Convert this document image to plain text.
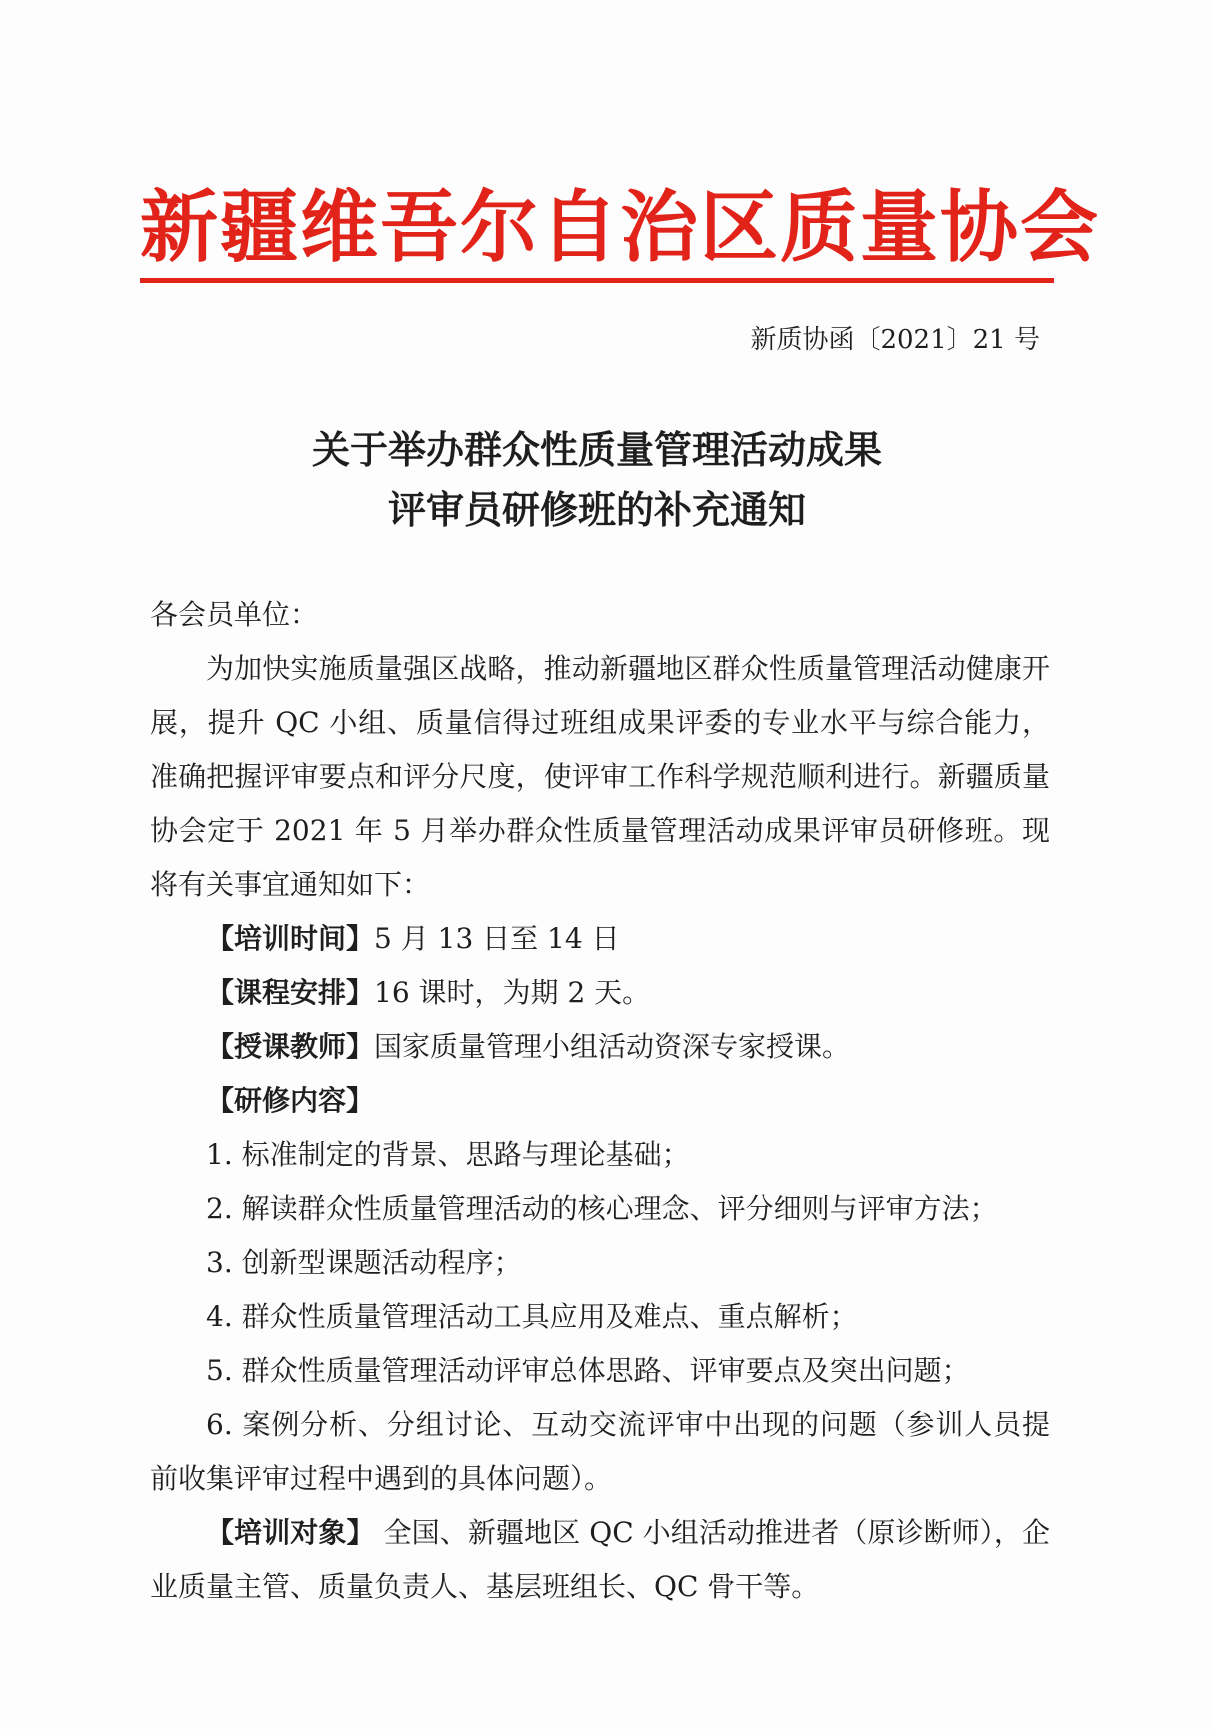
新疆维吾尔自治区质量协会
新质协函〔2021〕21 号
关于举办群众性质量管理活动成果
评审员研修班的补充通知

各会员单位：

为加快实施质量强区战略，推动新疆地区群众性质量管理活动健康开展，提升 QC 小组、质量信得过班组成果评委的专业水平与综合能力，准确把握评审要点和评分尺度，使评审工作科学规范顺利进行。新疆质量协会定于 2021 年 5 月举办群众性质量管理活动成果评审员研修班。现将有关事宜通知如下：

【培训时间】5 月 13 日至 14 日

【课程安排】16 课时，为期 2 天。

【授课教师】国家质量管理小组活动资深专家授课。

【研修内容】

1. 标准制定的背景、思路与理论基础；

2. 解读群众性质量管理活动的核心理念、评分细则与评审方法；

3. 创新型课题活动程序；

4. 群众性质量管理活动工具应用及难点、重点解析；

5. 群众性质量管理活动评审总体思路、评审要点及突出问题；

6. 案例分析、分组讨论、互动交流评审中出现的问题（参训人员提前收集评审过程中遇到的具体问题）。

【培训对象】 全国、新疆地区 QC 小组活动推进者（原诊断师），企业质量主管、质量负责人、基层班组长、QC 骨干等。
